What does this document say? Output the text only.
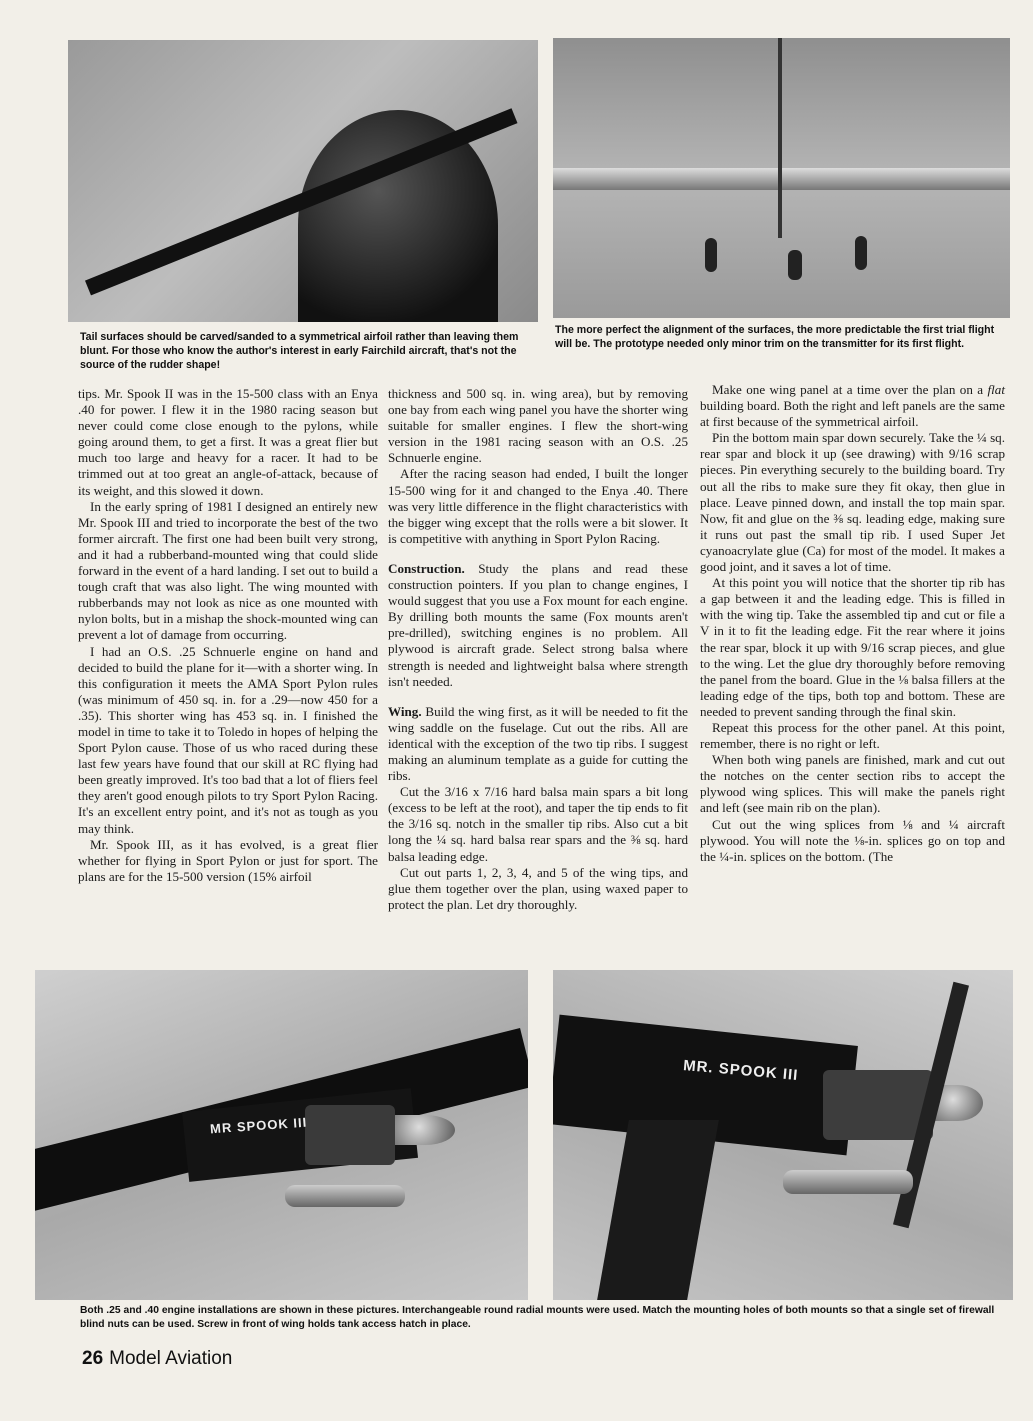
Tail surfaces should be carved/sanded to a symmetrical airfoil rather than leaving them blunt. For those who know the author's interest in early Fairchild aircraft, that's not the source of the rudder shape!
The more perfect the alignment of the surfaces, the more predictable the first trial flight will be. The prototype needed only minor trim on the transmitter for its first flight.

tips. Mr. Spook II was in the 15-500 class with an Enya .40 for power. I flew it in the 1980 racing season but never could come close enough to the pylons, while going around them, to get a first. It was a great flier but much too large and heavy for a racer. It had to be trimmed out at too great an angle-of-attack, because of its weight, and this slowed it down.

In the early spring of 1981 I designed an entirely new Mr. Spook III and tried to incorporate the best of the two former aircraft. The first one had been built very strong, and it had a rubberband-mounted wing that could slide forward in the event of a hard landing. I set out to build a tough craft that was also light. The wing mounted with rubberbands may not look as nice as one mounted with nylon bolts, but in a mishap the shock-mounted wing can prevent a lot of damage from occurring.

I had an O.S. .25 Schnuerle engine on hand and decided to build the plane for it—with a shorter wing. In this configuration it meets the AMA Sport Pylon rules (was minimum of 450 sq. in. for a .29—now 450 for a .35). This shorter wing has 453 sq. in. I finished the model in time to take it to Toledo in hopes of helping the Sport Pylon cause. Those of us who raced during these last few years have found that our skill at RC flying had been greatly improved. It's too bad that a lot of fliers feel they aren't good enough pilots to try Sport Pylon Racing. It's an excellent entry point, and it's not as tough as you may think.

Mr. Spook III, as it has evolved, is a great flier whether for flying in Sport Pylon or just for sport. The plans are for the 15-500 version (15% airfoil

thickness and 500 sq. in. wing area), but by removing one bay from each wing panel you have the shorter wing suitable for smaller engines. I flew the short-wing version in the 1981 racing season with an O.S. .25 Schnuerle engine.

After the racing season had ended, I built the longer 15-500 wing for it and changed to the Enya .40. There was very little difference in the flight characteristics with the bigger wing except that the rolls were a bit slower. It is competitive with anything in Sport Pylon Racing.

Construction. Study the plans and read these construction pointers. If you plan to change engines, I would suggest that you use a Fox mount for each engine. By drilling both mounts the same (Fox mounts aren't pre-drilled), switching engines is no problem. All plywood is aircraft grade. Select strong balsa where strength is needed and lightweight balsa where strength isn't needed.

Wing. Build the wing first, as it will be needed to fit the wing saddle on the fuselage. Cut out the ribs. All are identical with the exception of the two tip ribs. I suggest making an aluminum template as a guide for cutting the ribs.

Cut the 3/16 x 7/16 hard balsa main spars a bit long (excess to be left at the root), and taper the tip ends to fit the 3/16 sq. notch in the smaller tip ribs. Also cut a bit long the ¼ sq. hard balsa rear spars and the ⅜ sq. hard balsa leading edge.

Cut out parts 1, 2, 3, 4, and 5 of the wing tips, and glue them together over the plan, using waxed paper to protect the plan. Let dry thoroughly.

Make one wing panel at a time over the plan on a flat building board. Both the right and left panels are the same at first because of the symmetrical airfoil.

Pin the bottom main spar down securely. Take the ¼ sq. rear spar and block it up (see drawing) with 9/16 scrap pieces. Pin everything securely to the building board. Try out all the ribs to make sure they fit okay, then glue in place. Leave pinned down, and install the top main spar. Now, fit and glue on the ⅜ sq. leading edge, making sure it runs out past the small tip rib. I used Super Jet cyanoacrylate glue (Ca) for most of the model. It makes a good joint, and it saves a lot of time.

At this point you will notice that the shorter tip rib has a gap between it and the leading edge. This is filled in with the wing tip. Take the assembled tip and cut or file a V in it to fit the leading edge. Fit the rear where it joins the rear spar, block it up with 9/16 scrap pieces, and glue to the wing. Let the glue dry thoroughly before removing the panel from the board. Glue in the ⅛ balsa fillers at the leading edge of the tips, both top and bottom. These are needed to prevent sanding through the final skin.

Repeat this process for the other panel. At this point, remember, there is no right or left.

When both wing panels are finished, mark and cut out the notches on the center section ribs to accept the plywood wing splices. This will make the panels right and left (see main rib on the plan).

Cut out the wing splices from ⅛ and ¼ aircraft plywood. You will note the ⅛-in. splices go on top and the ¼-in. splices on the bottom. (The

MR SPOOK III
MR. SPOOK III
Both .25 and .40 engine installations are shown in these pictures. Interchangeable round radial mounts were used. Match the mounting holes of both mounts so that a single set of firewall blind nuts can be used. Screw in front of wing holds tank access hatch in place.
26 Model Aviation
